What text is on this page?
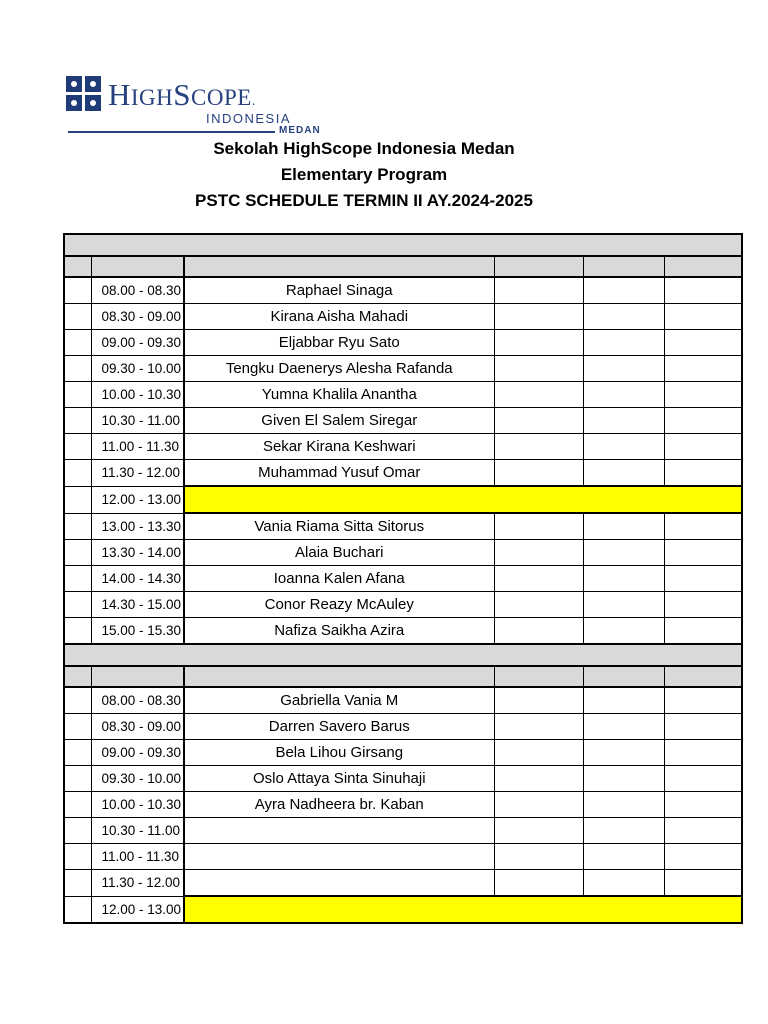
HIGHSCOPE.
INDONESIA
MEDAN
Sekolah HighScope Indonesia Medan
Elementary Program
PSTC SCHEDULE TERMIN II AY.2024-2025

	08.00 - 08.30	Raphael Sinaga			
	08.30 - 09.00	Kirana Aisha Mahadi			
	09.00 - 09.30	Eljabbar Ryu Sato			
	09.30 - 10.00	Tengku Daenerys Alesha Rafanda			
	10.00 - 10.30	Yumna Khalila Anantha			
	10.30 - 11.00	Given El Salem Siregar			
	11.00 - 11.30	Sekar Kirana Keshwari			
	11.30 - 12.00	Muhammad Yusuf Omar			
	12.00 - 13.00				
	13.00 - 13.30	Vania Riama Sitta Sitorus			
	13.30 - 14.00	Alaia Buchari			
	14.00 - 14.30	Ioanna Kalen Afana			
	14.30 - 15.00	Conor Reazy McAuley			
	15.00 - 15.30	Nafiza Saikha Azira			

	08.00 - 08.30	Gabriella Vania M			
	08.30 - 09.00	Darren Savero Barus			
	09.00 - 09.30	Bela Lihou Girsang			
	09.30 - 10.00	Oslo Attaya Sinta Sinuhaji			
	10.00 - 10.30	Ayra Nadheera br. Kaban			
	10.30 - 11.00				
	11.00 - 11.30				
	11.30 - 12.00				
	12.00 - 13.00				
